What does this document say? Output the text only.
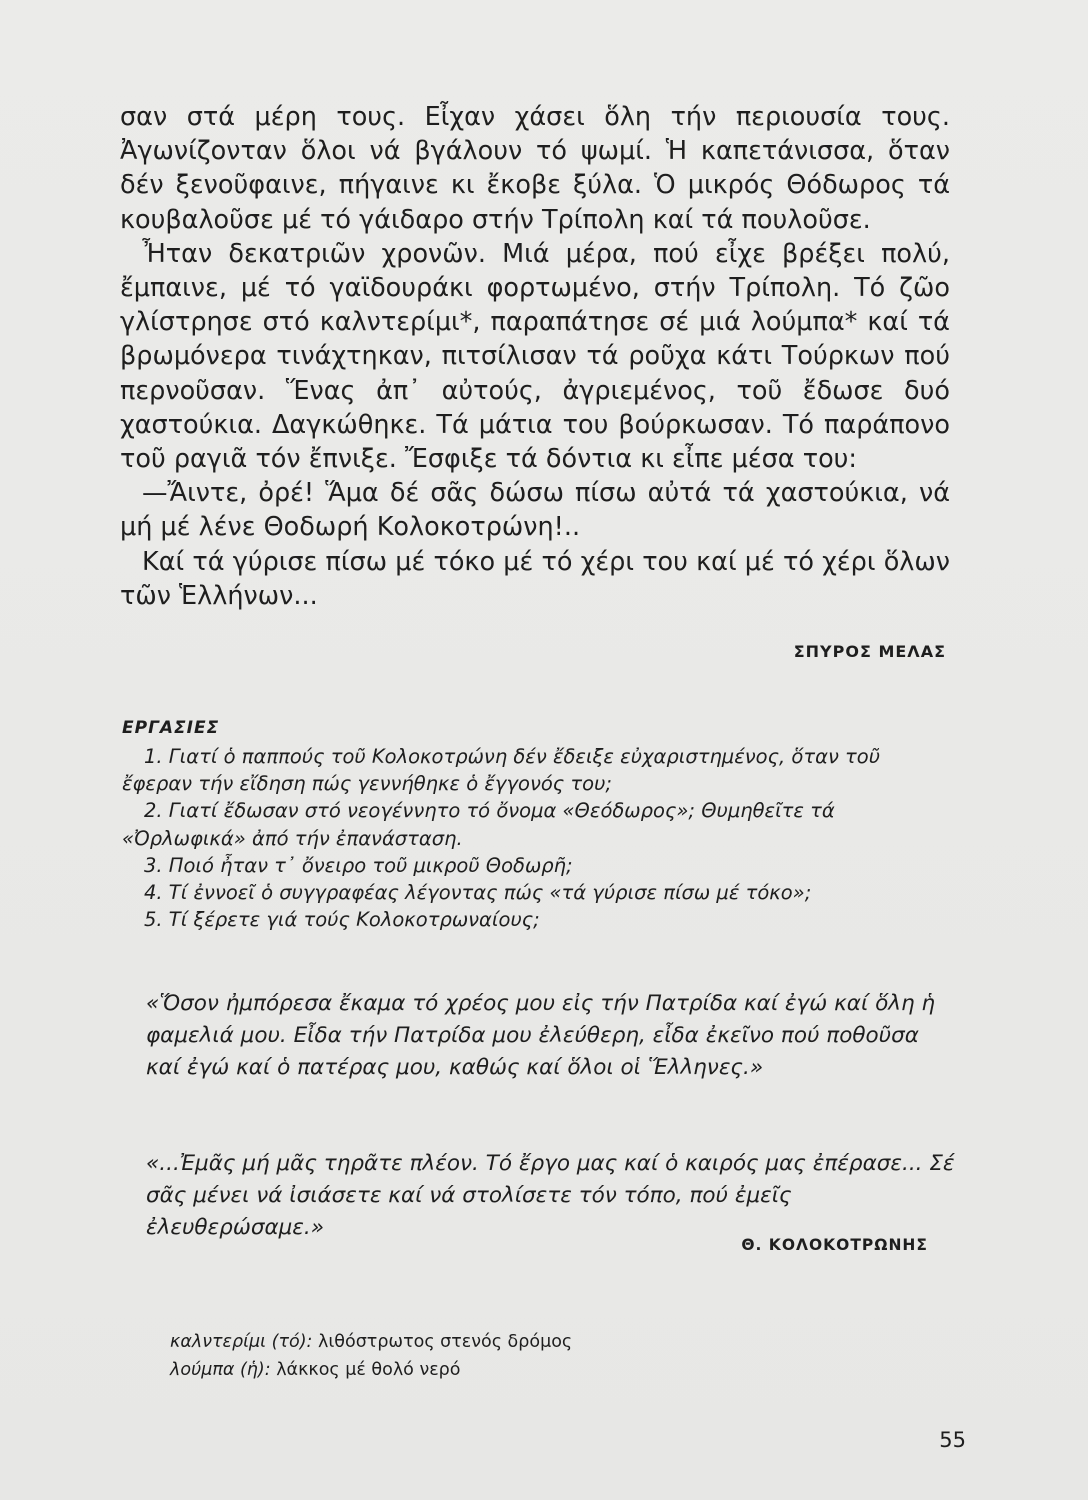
σαν στά μέρη τους. Εἶχαν χάσει ὅλη τήν περιουσία τους. Ἀγωνίζονταν ὅλοι νά βγάλουν τό ψωμί. Ἡ καπετάνισσα, ὅταν δέν ξενοῦφαινε, πήγαινε κι ἔκοβε ξύλα. Ὁ μικρός Θόδωρος τά κουβαλοῦσε μέ τό γάιδαρο στήν Τρίπολη καί τά πουλοῦσε.

Ἦταν δεκατριῶν χρονῶν. Μιά μέρα, πού εἶχε βρέξει πολύ, ἔμπαινε, μέ τό γαϊδουράκι φορτωμένο, στήν Τρίπολη. Τό ζῶο γλίστρησε στό καλντερίμι*, παραπάτησε σέ μιά λούμπα* καί τά βρωμόνερα τινάχτηκαν, πιτσίλισαν τά ροῦχα κάτι Τούρκων πού περνοῦσαν. Ἕνας ἀπ᾿ αὐτούς, ἀγριεμένος, τοῦ ἔδωσε δυό χαστούκια. Δαγκώθηκε. Τά μάτια του βούρκωσαν. Τό παράπονο τοῦ ραγιᾶ τόν ἔπνιξε. Ἔσφιξε τά δόντια κι εἶπε μέσα του:

—Ἄιντε, ὀρέ! Ἅμα δέ σᾶς δώσω πίσω αὐτά τά χαστούκια, νά μή μέ λένε Θοδωρή Κολοκοτρώνη!..

Καί τά γύρισε πίσω μέ τόκο μέ τό χέρι του καί μέ τό χέρι ὅλων τῶν Ἑλλήνων...

ΣΠΥΡΟΣ ΜΕΛΑΣ
ΕΡΓΑΣΙΕΣ

1. Γιατί ὁ παππούς τοῦ Κολοκοτρώνη δέν ἔδειξε εὐχαριστημένος, ὅταν τοῦ ἔφεραν τήν εἴδηση πώς γεννήθηκε ὁ ἔγγονός του;

2. Γιατί ἔδωσαν στό νεογέννητο τό ὄνομα «Θεόδωρος»; Θυμηθεῖτε τά «Ὀρλωφικά» ἀπό τήν ἐπανάσταση.

3. Ποιό ἦταν τ᾿ ὄνειρο τοῦ μικροῦ Θοδωρῆ;

4. Τί ἐννοεῖ ὁ συγγραφέας λέγοντας πώς «τά γύρισε πίσω μέ τόκο»;

5. Τί ξέρετε γιά τούς Κολοκοτρωναίους;

«Ὅσον ἠμπόρεσα ἔκαμα τό χρέος μου εἰς τήν Πατρίδα καί ἐγώ καί ὅλη ἡ φαμελιά μου. Εἶδα τήν Πατρίδα μου ἐλεύθερη, εἶδα ἐκεῖνο πού ποθοῦσα καί ἐγώ καί ὁ πατέρας μου, καθώς καί ὅλοι οἱ Ἕλληνες.»

«...Ἐμᾶς μή μᾶς τηρᾶτε πλέον. Τό ἔργο μας καί ὁ καιρός μας ἐπέρασε... Σέ σᾶς μένει νά ἰσιάσετε καί νά στολίσετε τόν τόπο, πού ἐμεῖς ἐλευθερώσαμε.»

Θ. ΚΟΛΟΚΟΤΡΩΝΗΣ
καλντερίμι (τό): λιθόστρωτος στενός δρόμος
λούμπα (ἡ): λάκκος μέ θολό νερό
55
